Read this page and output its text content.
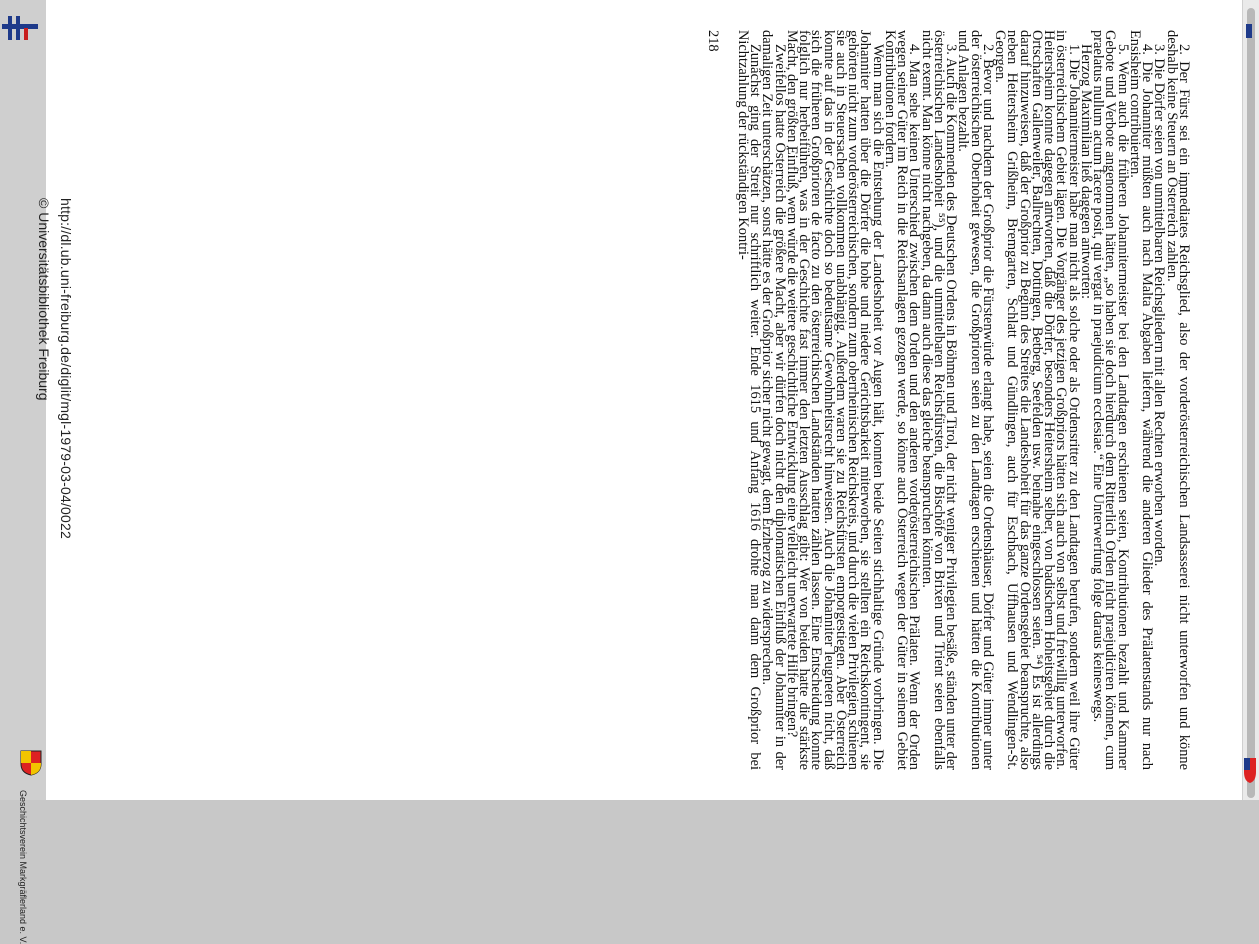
Geschichtsverein Markgräflerland e. V.
http://dl.ub.uni-freiburg.de/diglit/mgl-1979-03-04/0022
© Universitätsbibliothek Freiburg	2. Der Fürst sei ein immediates Reichsglied, also der vorderösterreichischen Landsasserei nicht unterworfen und könne deshalb keine Steuern an Österreich zahlen.

3. Die Dörfer seien von unmittelbaren Reichsgliedern mit allen Rechten erworben worden.

4. Die Johanniter müßten auch nach Malta Abgaben liefern, während die anderen Glieder des Prälatenstands nur nach Ensisheim contribuierten.

5. Wenn auch die früheren Johannitermeister bei den Landtagen erschienen seien, Kontributionen bezahlt und Kammer Gebote und Verbote angenommen hätten, „so haben sie doch hierdurch dem Ritterlich Orden nicht praejudiciren können, cum praelatus nullum actum facere posit, qui vergat in praejudicium ecclesiae.“ Eine Unterwerfung folge daraus keineswegs.

Herzog Maximilian ließ dagegen antworten:

1. Die Johannitermeister habe man nicht als solche oder als Ordensritter zu den Landtagen berufen, sondern weil ihre Güter in österreichischem Gebiet lägen. Die Vorgänger des jetzigen Großpriors hätten sich auch von selbst und freiwillig unterworfen. Heitersheim konnte dagegen antworten, daß die Dörfer, besonders Heitersheim selber, von badischem Hoheitsgebiet durch die Ortschaften Gallenweiler, Ballrechten, Dottingen, Betberg, Seefelden usw. beinahe eingeschlossen seien. ⁵⁴) Es ist allerdings darauf hinzuweisen, daß der Großprior zu Beginn des Streites die Landeshoheit für das ganze Ordensgebiet beanspruchte, also neben Heitersheim Grißheim, Bremgarten, Schlatt und Gündlingen, auch für Eschbach, Uffhausen und Wendlingen-St. Georgen.

2. Bevor und nachdem der Großprior die Fürstenwürde erlangt habe, seien die Ordenshäuser, Dörfer und Güter immer unter der österreichischen Oberhoheit gewesen, die Großprioren seien zu den Landtagen erschienen und hätten die Kontributionen und Anlagen bezahlt.

3. Auch die Kommenden des Deutschen Ordens in Böhmen und Tirol, der nicht weniger Privilegien besäße, ständen unter der österreichischen Landeshoheit ⁵⁵), und die unmittelbaren Reichsfürsten, die Bischöfe von Brixen und Trient seien ebenfalls nicht exemt. Man könne nicht nachgeben, da dann auch diese das gleiche beanspruchen könnten.

4. Man sehe keinen Unterschied zwischen dem Orden und den anderen vorderösterreichischen Prälaten. Wenn der Orden wegen seiner Güter im Reich in die Reichsanlagen gezogen werde, so könne auch Österreich wegen der Güter in seinem Gebiet Kontributionen fordern.

Wenn man sich die Entstehung der Landeshoheit vor Augen hält, konnten beide Seiten stichhaltige Gründe vorbringen. Die Johanniter hatten über die Dörfer die hohe und niedere Gerichtsbarkeit miterworben, sie stellten ein Reichskontingent, sie gehörten nicht zum vorderösterreichischen, sondern zum oberrheinischen Reichskreis, und durch die vielen Privilegien schienen sie auch in Steuersachen vollkommen unabhängig. Außerdem waren sie zu Reichsfürsten emporgestiegen. Aber Österreich konnte auf das in der Geschichte doch so bedeutsame Gewohnheitsrecht hinweisen. Auch die Johanniter leugneten nicht, daß sich die früheren Großprioren de facto zu den österreichischen Landständen hatten zählen lassen. Eine Entscheidung konnte folglich nur herbeiführen, was in der Geschichte fast immer den letzten Ausschlag gibt: Wer von beiden hatte die stärkste Macht, den größten Einfluß, wem würde die weitere geschichtliche Entwicklung eine vielleicht unerwartete Hilfe bringen?

Zweifellos hatte Österreich die größere Macht, aber wir dürfen doch nicht den diplomatischen Einfluß der Johanniter in der damaligen Zeit unterschätzen, sonst hätte es der Großprior sicher nicht gewagt, dem Erzherzog zu widersprechen.

Zunächst ging der Streit nur schriftlich weiter. Ende 1615 und Anfang 1616 drohte man dann dem Großprior bei Nichtzahlung der rückständigen Kontri-

218
